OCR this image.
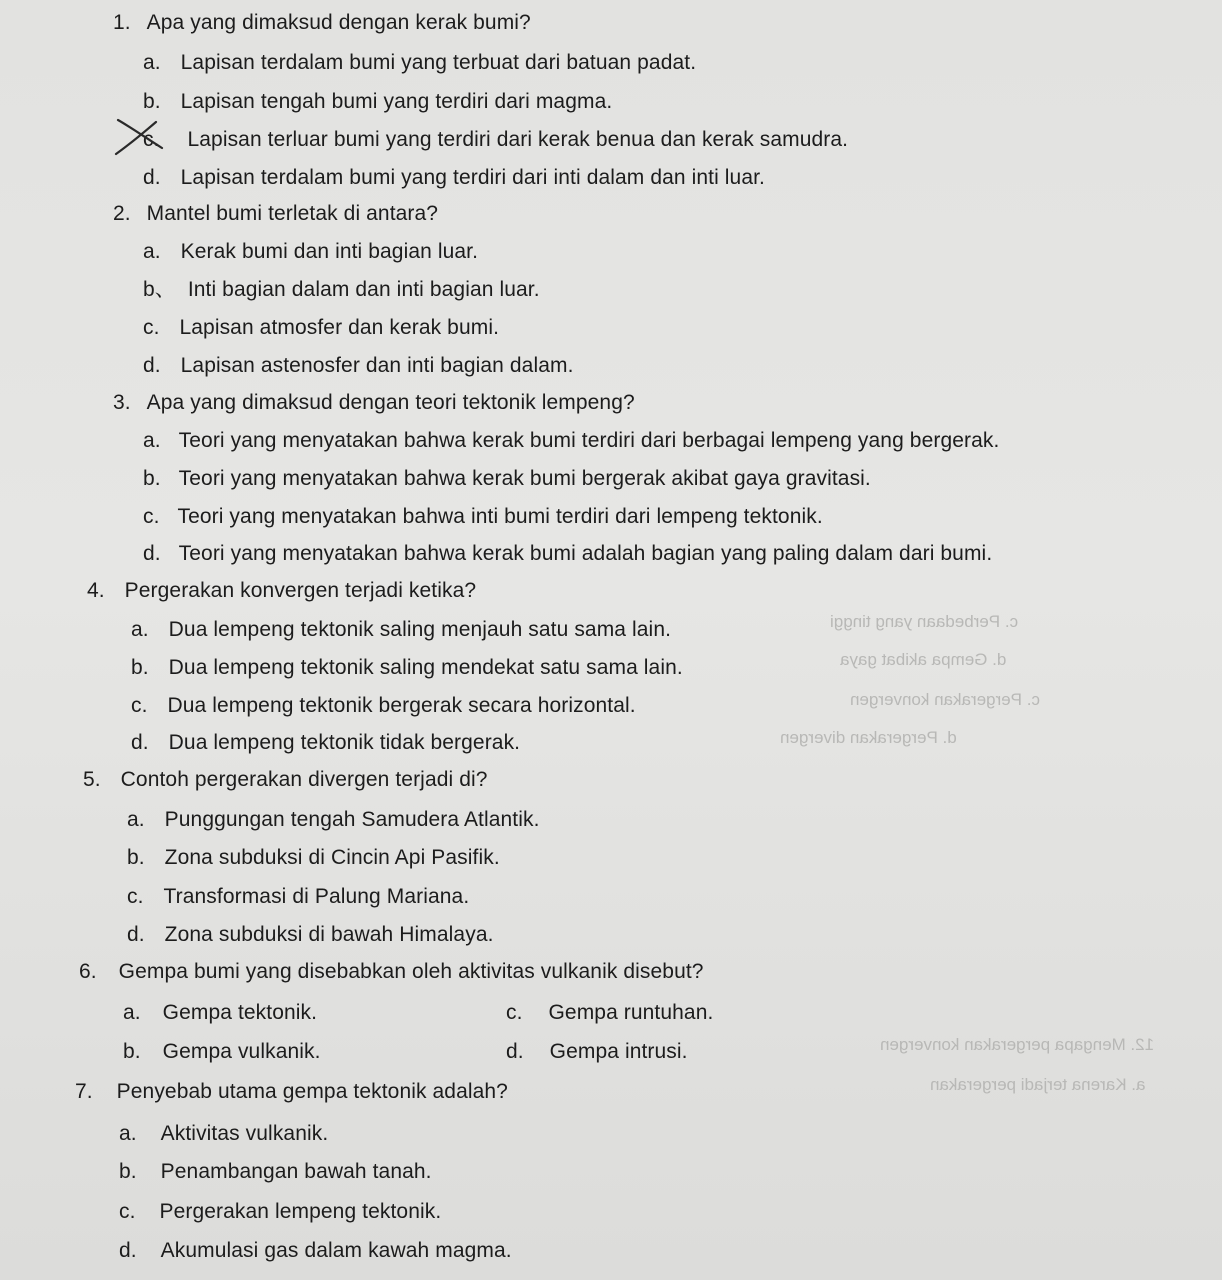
c. Perbedaan yang tinggi
d. Gempa akibat gaya
c. Pergerakan konvergen
d. Pergerakan divergen
12. Mengapa pergerakan konvergen
a. Karena terjadi pergerakan
1. Apa yang dimaksud dengan kerak bumi?
a. Lapisan terdalam bumi yang terbuat dari batuan padat.
b. Lapisan tengah bumi yang terdiri dari magma.
c. Lapisan terluar bumi yang terdiri dari kerak benua dan kerak samudra.
d. Lapisan terdalam bumi yang terdiri dari inti dalam dan inti luar.
2. Mantel bumi terletak di antara?
a. Kerak bumi dan inti bagian luar.
b、 Inti bagian dalam dan inti bagian luar.
c. Lapisan atmosfer dan kerak bumi.
d. Lapisan astenosfer dan inti bagian dalam.
3. Apa yang dimaksud dengan teori tektonik lempeng?
a. Teori yang menyatakan bahwa kerak bumi terdiri dari berbagai lempeng yang bergerak.
b. Teori yang menyatakan bahwa kerak bumi bergerak akibat gaya gravitasi.
c. Teori yang menyatakan bahwa inti bumi terdiri dari lempeng tektonik.
d. Teori yang menyatakan bahwa kerak bumi adalah bagian yang paling dalam dari bumi.
4. Pergerakan konvergen terjadi ketika?
a. Dua lempeng tektonik saling menjauh satu sama lain.
b. Dua lempeng tektonik saling mendekat satu sama lain.
c. Dua lempeng tektonik bergerak secara horizontal.
d. Dua lempeng tektonik tidak bergerak.
5. Contoh pergerakan divergen terjadi di?
a. Punggungan tengah Samudera Atlantik.
b. Zona subduksi di Cincin Api Pasifik.
c. Transformasi di Palung Mariana.
d. Zona subduksi di bawah Himalaya.
6. Gempa bumi yang disebabkan oleh aktivitas vulkanik disebut?
a. Gempa tektonik.	c. Gempa runtuhan.
b. Gempa vulkanik.	d. Gempa intrusi.
7. Penyebab utama gempa tektonik adalah?
a. Aktivitas vulkanik.
b. Penambangan bawah tanah.
c. Pergerakan lempeng tektonik.
d. Akumulasi gas dalam kawah magma.
